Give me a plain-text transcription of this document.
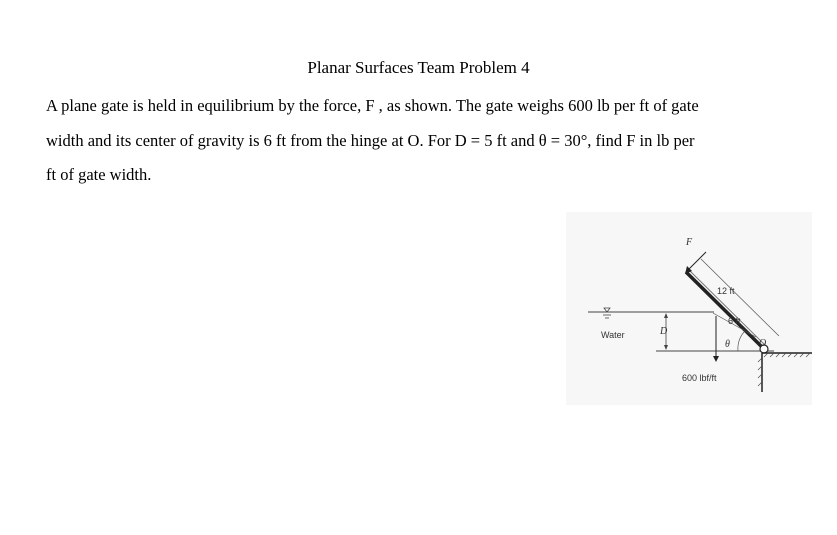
Planar Surfaces Team Problem 4
A plane gate is held in equilibrium by the force, F , as shown. The gate weighs 600 lb per ft of gate
width and its center of gravity is 6 ft from the hinge at O. For D = 5 ft and θ = 30°, find F in lb per
ft of gate width.
F
12 ft
6 ft
Water	D
θ	O
600 lbf/ft
